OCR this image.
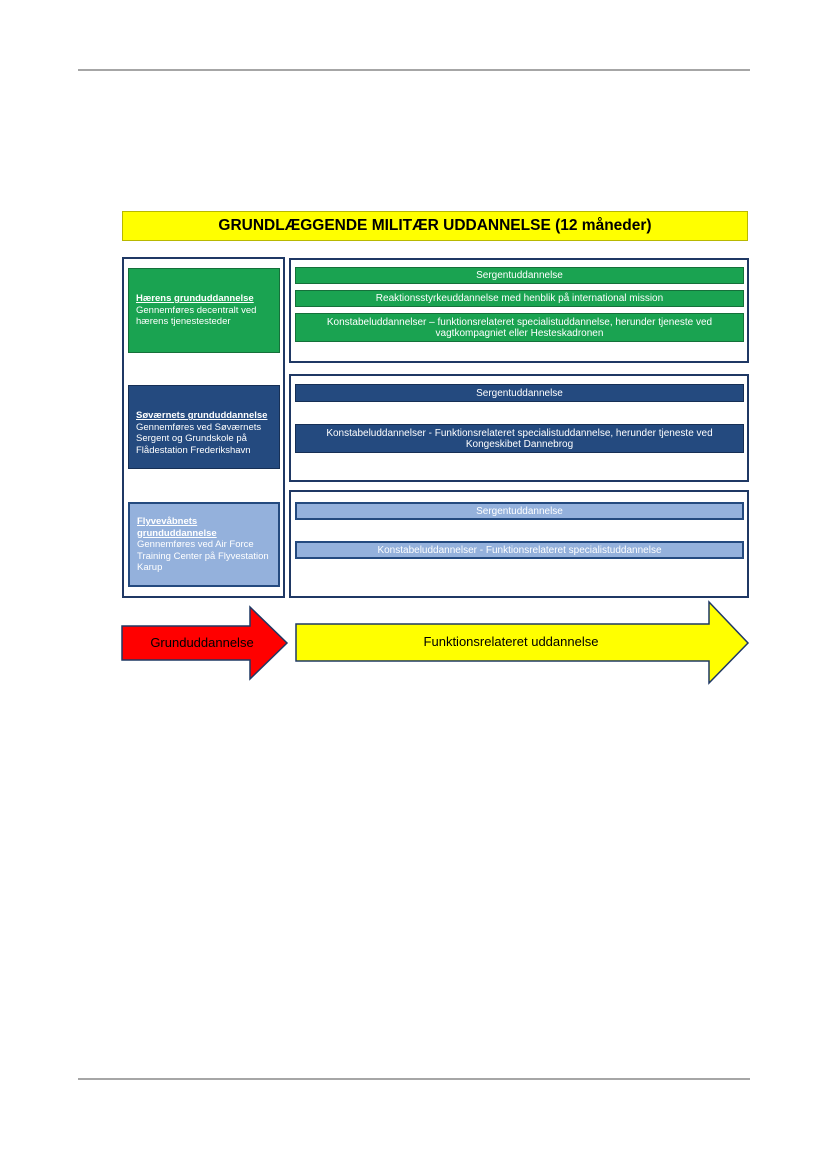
GRUNDLÆGGENDE MILITÆR UDDANNELSE (12 måneder)
Hærens grunduddannelse
Gennemføres decentralt ved hærens tjenestesteder
Søværnets grunduddannelse
Gennemføres ved Søværnets Sergent og Grundskole på Flådestation Frederikshavn
Flyvevåbnets grunduddannelse
Gennemføres ved Air Force Training Center på Flyvestation Karup
Sergentuddannelse
Reaktionsstyrkeuddannelse med henblik på international mission
Konstabeluddannelser – funktionsrelateret specialistuddannelse, herunder tjeneste ved vagtkompagniet eller Hesteskadronen
Sergentuddannelse
Konstabeluddannelser - Funktionsrelateret specialistuddannelse, herunder tjeneste ved Kongeskibet Dannebrog
Sergentuddannelse
Konstabeluddannelser - Funktionsrelateret specialistuddannelse
Grunduddannelse	Funktionsrelateret uddannelse
